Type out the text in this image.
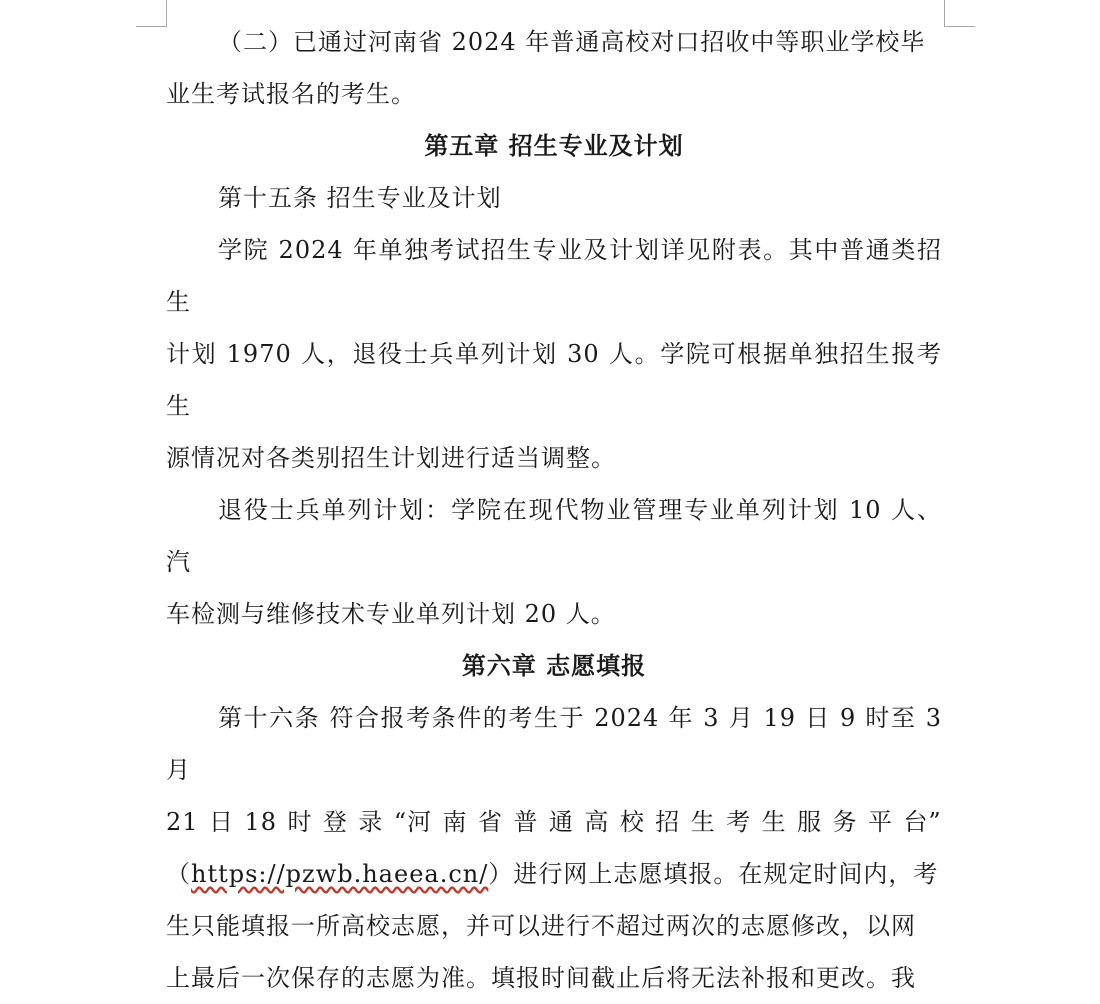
（二）已通过河南省 2024 年普通高校对口招收中等职业学校毕
业生考试报名的考生。

第五章 招生专业及计划

第十五条 招生专业及计划

学院 2024 年单独考试招生专业及计划详见附表。其中普通类招生
计划 1970 人，退役士兵单列计划 30 人。学院可根据单独招生报考生
源情况对各类别招生计划进行适当调整。

退役士兵单列计划：学院在现代物业管理专业单列计划 10 人、汽
车检测与维修技术专业单列计划 20 人。

第六章 志愿填报

第十六条 符合报考条件的考生于 2024 年 3 月 19 日 9 时至 3 月
21 日 18 时 登 录 “河 南 省 普 通 高 校 招 生 考 生 服 务 平 台”
（https://pzwb.haeea.cn/）进行网上志愿填报。在规定时间内，考
生只能填报一所高校志愿，并可以进行不超过两次的志愿修改，以网
上最后一次保存的志愿为准。填报时间截止后将无法补报和更改。我
